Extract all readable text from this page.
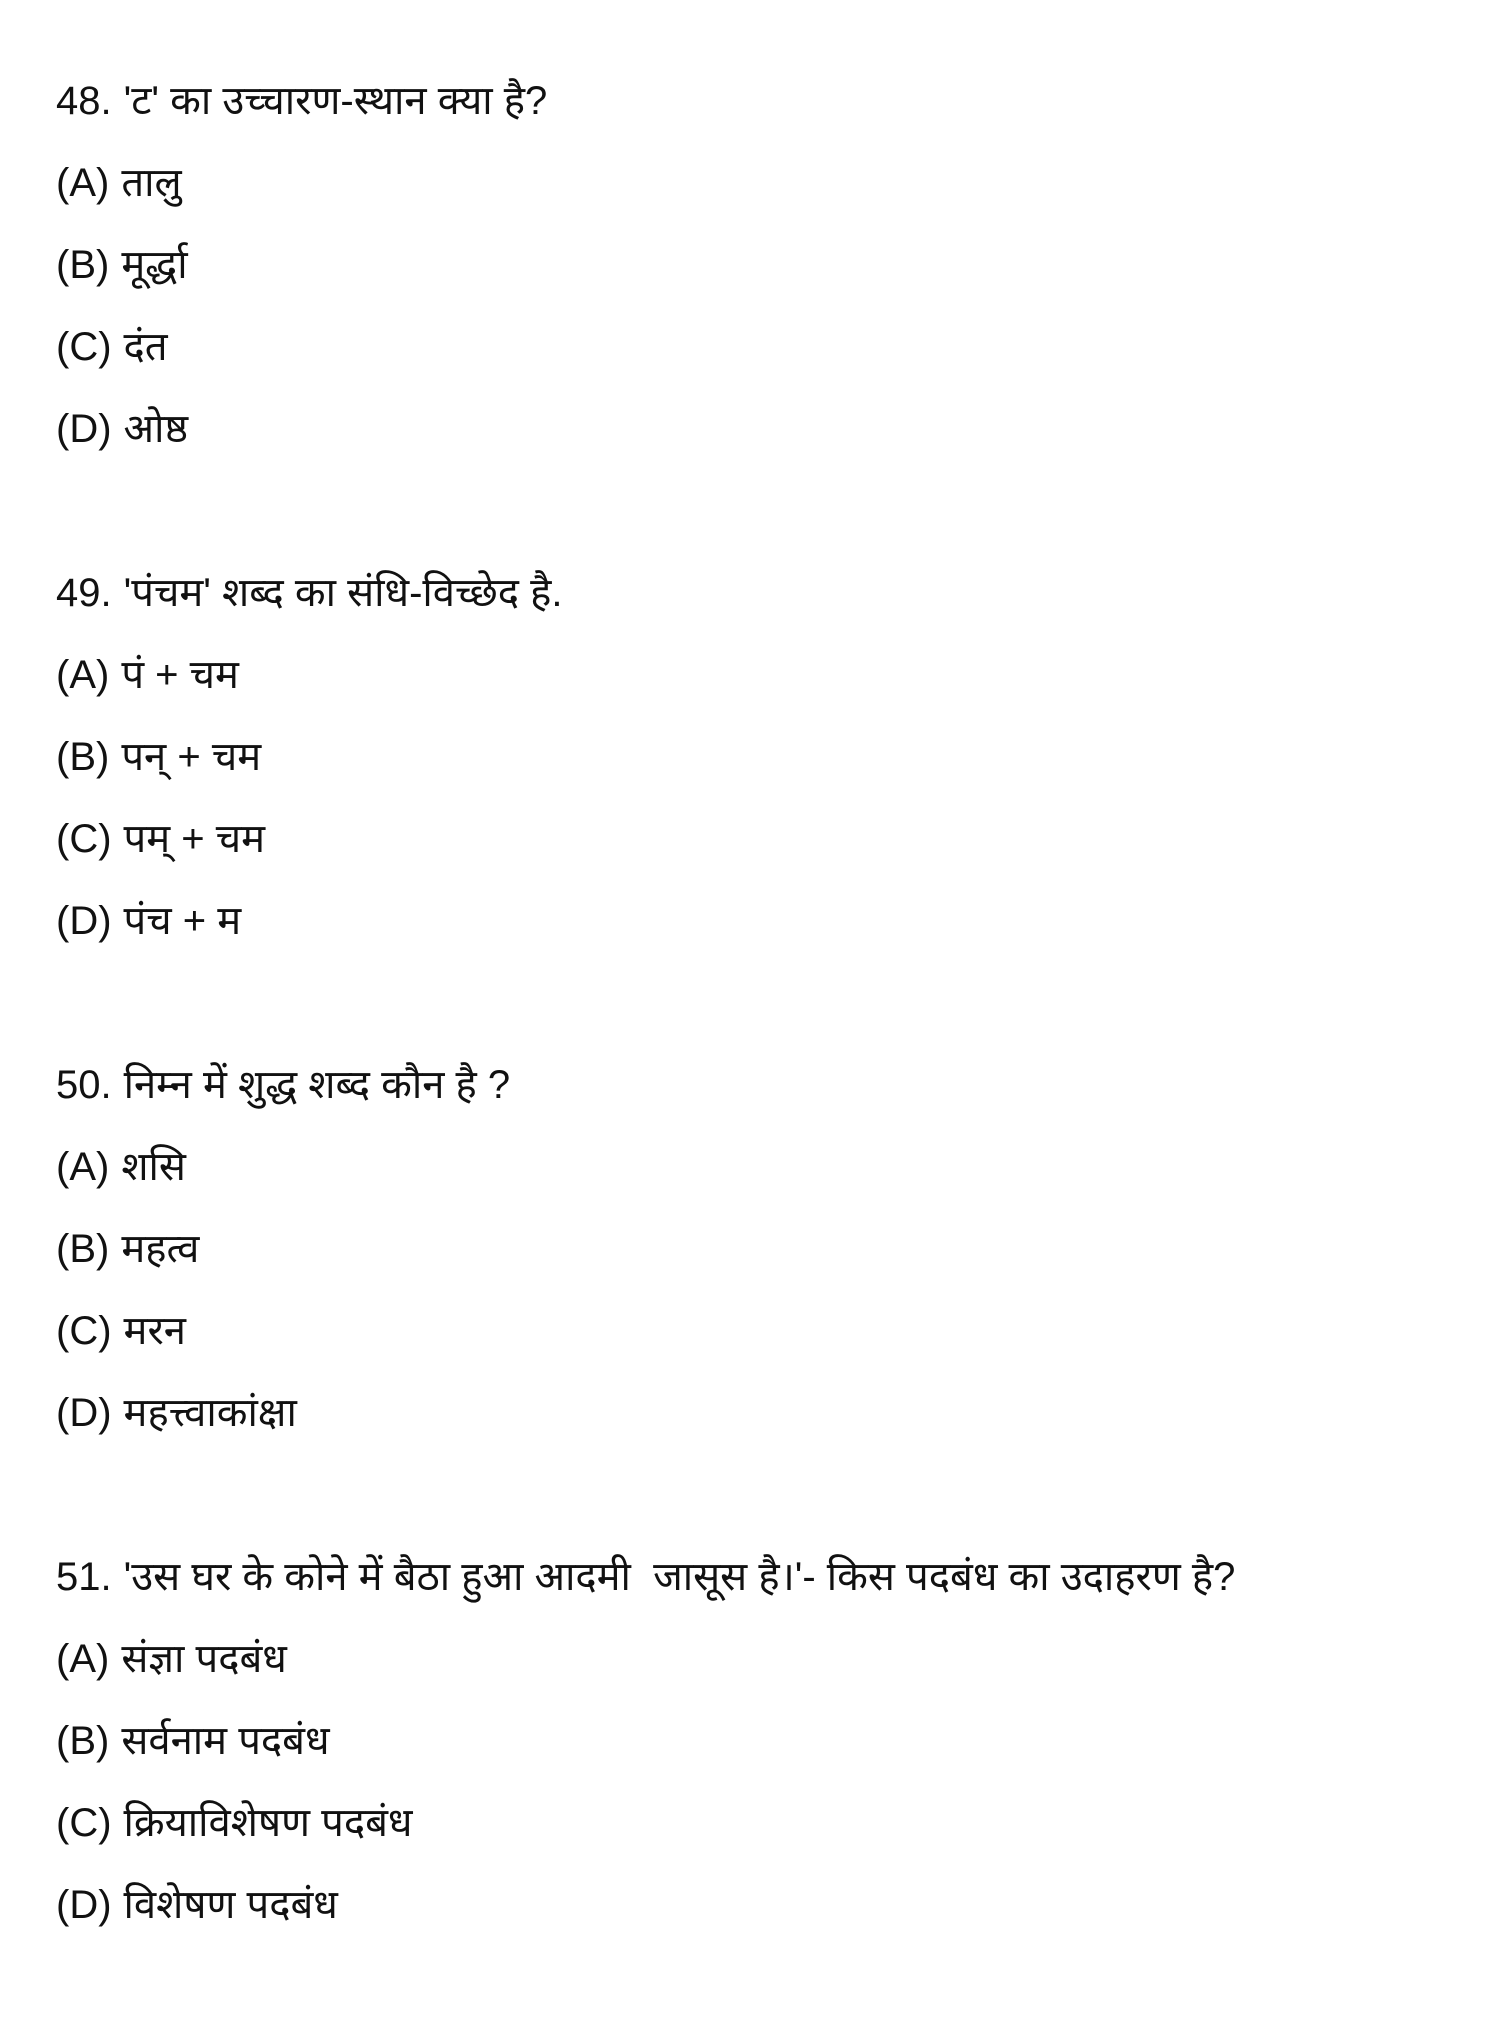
48. 'ट' का उच्चारण-स्थान क्या है?
(A) तालु
(B) मूर्द्धा
(C) दंत
(D) ओष्ठ
49. 'पंचम' शब्द का संधि-विच्छेद है.
(A) पं + चम
(B) पन् + चम
(C) पम् + चम
(D) पंच + म
50. निम्न में शुद्ध शब्द कौन है ?
(A) शसि
(B) महत्व
(C) मरन
(D) महत्त्वाकांक्षा
51. 'उस घर के कोने में बैठा हुआ आदमी  जासूस है।'- किस पदबंध का उदाहरण है?
(A) संज्ञा पदबंध
(B) सर्वनाम पदबंध
(C) क्रियाविशेषण पदबंध
(D) विशेषण पदबंध
